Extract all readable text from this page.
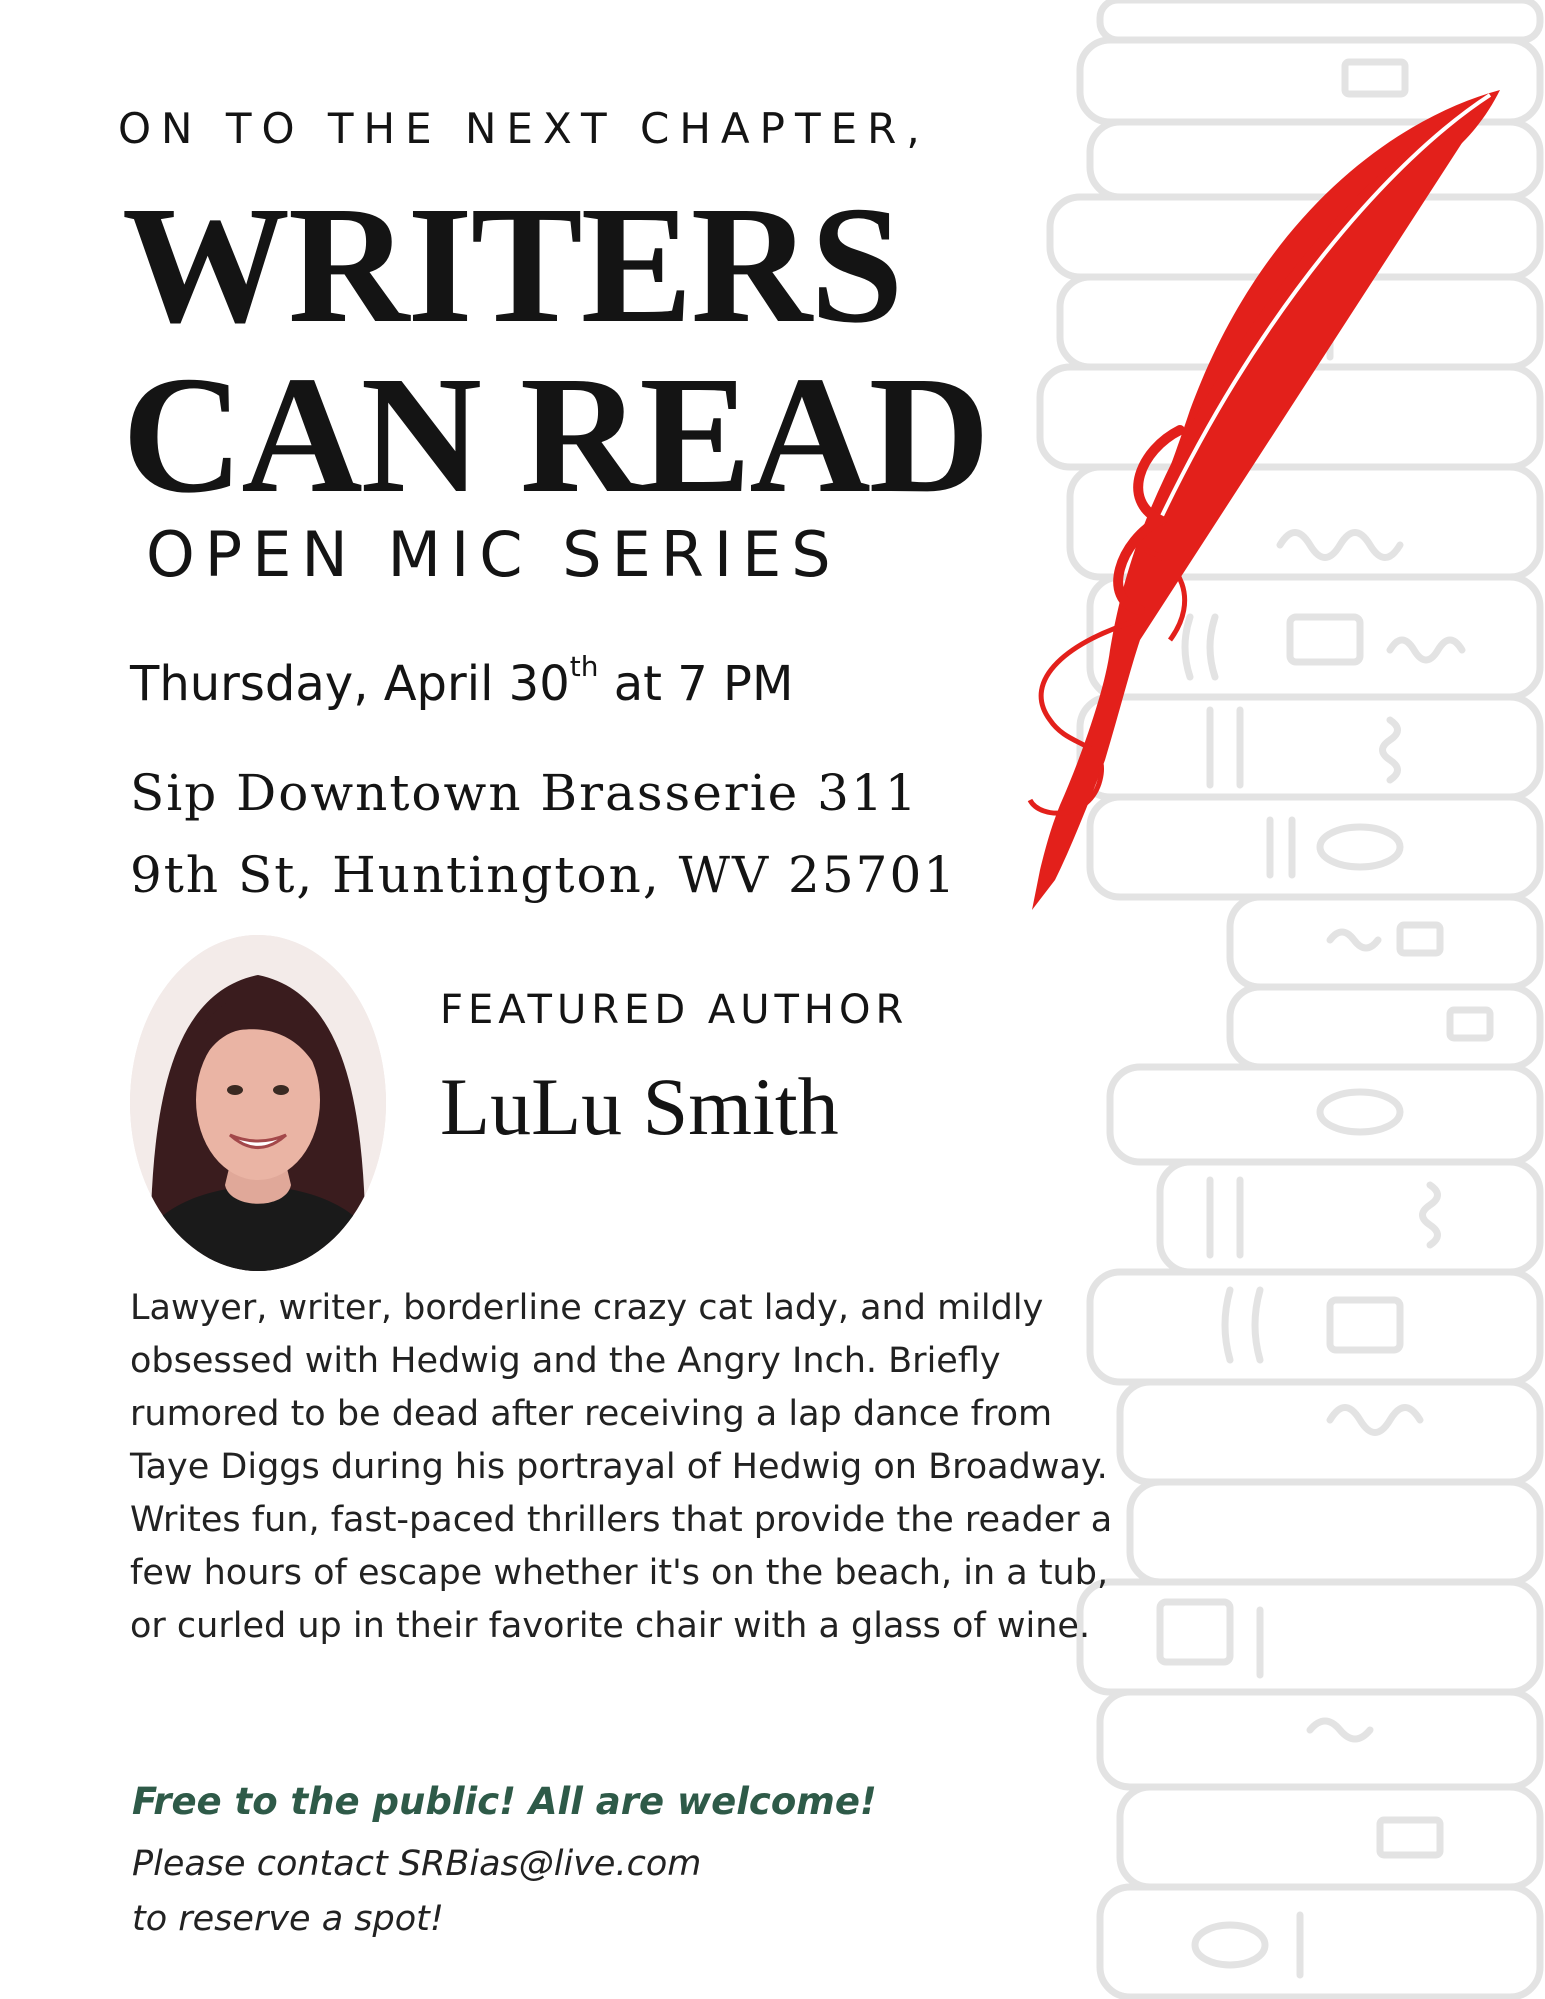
ON TO THE NEXT CHAPTER,
WRITERS
CAN READ
OPEN MIC SERIES
Thursday, April 30th at 7 PM
Sip Downtown Brasserie 311
9th St, Huntington, WV 25701
FEATURED AUTHOR
LuLu Smith
Lawyer, writer, borderline crazy cat lady, and mildly obsessed with Hedwig and the Angry Inch. Briefly rumored to be dead after receiving a lap dance from Taye Diggs during his portrayal of Hedwig on Broadway. Writes fun, fast-paced thrillers that provide the reader a few hours of escape whether it's on the beach, in a tub, or curled up in their favorite chair with a glass of wine.
Free to the public! All are welcome!
Please contact SRBias@live.com
to reserve a spot!
